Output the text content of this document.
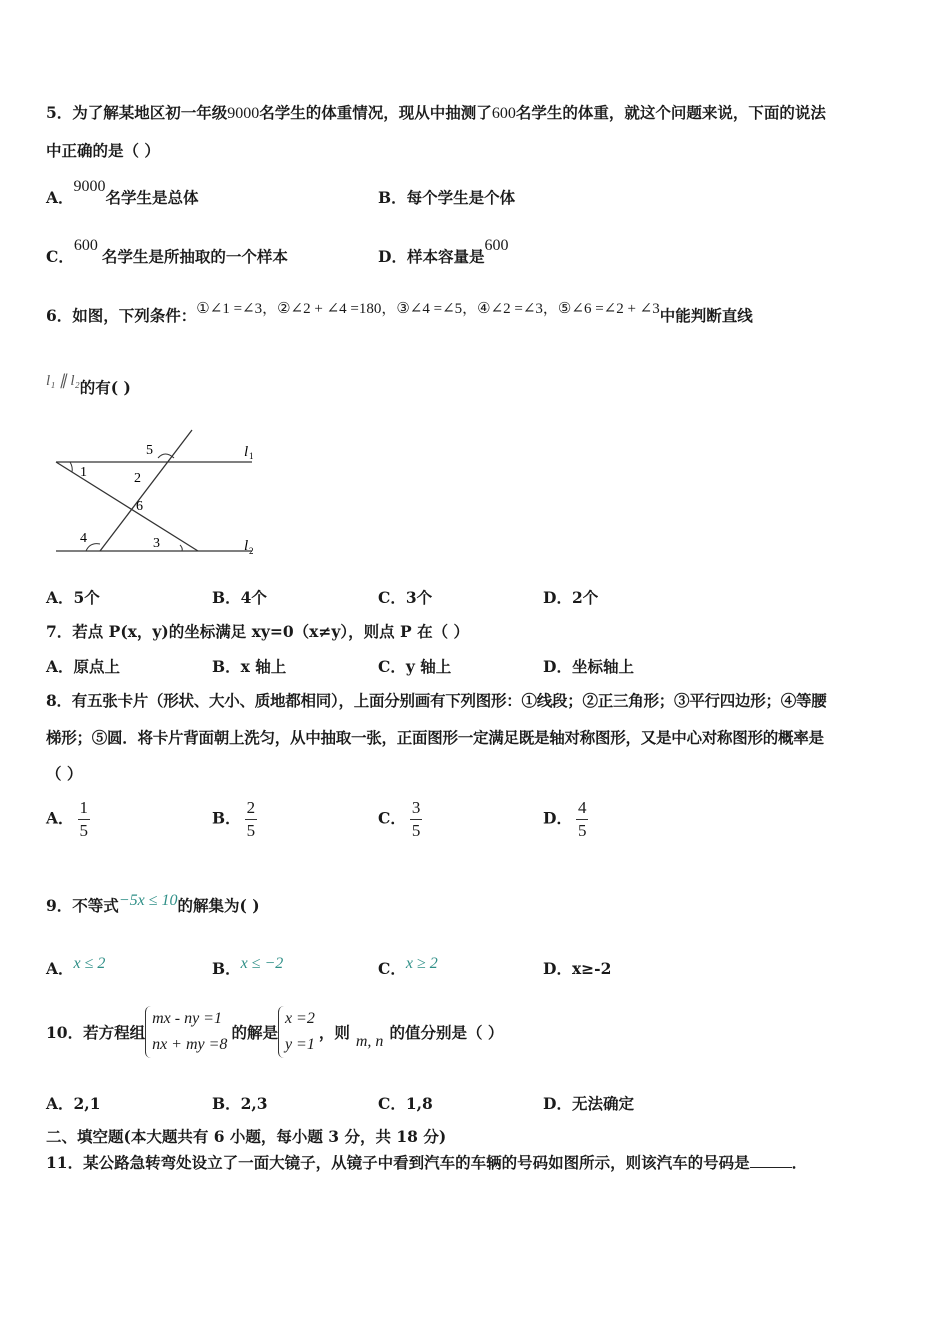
5．为了解某地区初一年级9000名学生的体重情况，现从中抽测了600名学生的体重，就这个问题来说，下面的说法
中正确的是（ ）
A．9000名学生是总体	B．每个学生是个体
C．600名学生是所抽取的一个样本	D．样本容量是600
6．如图，下列条件：①∠1 =∠3，②∠2 + ∠4 =180，③∠4 =∠5，④∠2 =∠3，⑤∠6 =∠2 + ∠3中能判断直线
l₁ ∥ l₂的有( )
1	2
3
4
5
6
l 1
l 2
A．5个	B．4个	C．3个	D．2个
7．若点 P(x，y)的坐标满足 xy=0（x≠y），则点 P 在（ ）
A．原点上	B．x 轴上	C．y 轴上	D．坐标轴上
8．有五张卡片（形状、大小、质地都相同），上面分别画有下列图形：①线段；②正三角形；③平行四边形；④等腰
梯形；⑤圆．将卡片背面朝上洗匀，从中抽取一张，正面图形一定满足既是轴对称图形，又是中心对称图形的概率是
（ ）
A． $\frac{1}{5}$	B． $\frac{2}{5}$	C． $\frac{3}{5}$	D． $\frac{4}{5}$
9．不等式−5x ≤ 10的解集为( )
A．x ≤ 2	B．x ≤ −2	C．x ≥ 2	D．x≥-2
10．若方程组
mx - ny =1
nx + my =8
的解是
x =2
y =1
，则 m, n 的值分别是（ ）
A．2,1	B．2,3	C．1,8	D．无法确定
二、填空题(本大题共有 6 小题，每小题 3 分，共 18 分)
11．某公路急转弯处设立了一面大镜子，从镜子中看到汽车的车辆的号码如图所示，则该汽车的号码是	．
